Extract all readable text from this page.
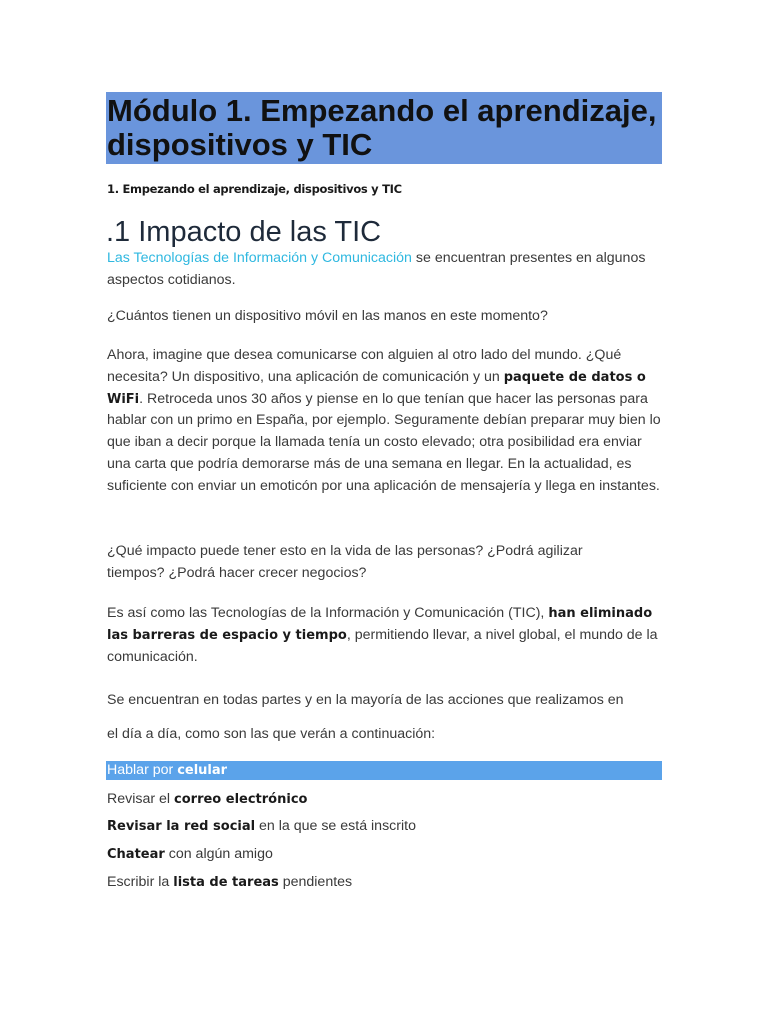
Módulo 1. Empezando el aprendizaje, dispositivos y TIC
1. Empezando el aprendizaje, dispositivos y TIC
.1 Impacto de las TIC

Las Tecnologías de Información y Comunicación se encuentran presentes en algunos aspectos cotidianos.

¿Cuántos tienen un dispositivo móvil en las manos en este momento?

Ahora, imagine que desea comunicarse con alguien al otro lado del mundo. ¿Qué necesita? Un dispositivo, una aplicación de comunicación y un paquete de datos o WiFi. Retroceda unos 30 años y piense en lo que tenían que hacer las personas para hablar con un primo en España, por ejemplo. Seguramente debían preparar muy bien lo que iban a decir porque la llamada tenía un costo elevado; otra posibilidad era enviar una carta que podría demorarse más de una semana en llegar. En la actualidad, es suficiente con enviar un emoticón por una aplicación de mensajería y llega en instantes.

¿Qué impacto puede tener esto en la vida de las personas? ¿Podrá agilizar tiempos? ¿Podrá hacer crecer negocios?

Es así como las Tecnologías de la Información y Comunicación (TIC), han eliminado las barreras de espacio y tiempo, permitiendo llevar, a nivel global, el mundo de la comunicación.

Se encuentran en todas partes y en la mayoría de las acciones que realizamos en

el día a día, como son las que verán a continuación:

Hablar por celular
Revisar el correo electrónico
Revisar la red social en la que se está inscrito
Chatear con algún amigo
Escribir la lista de tareas pendientes
